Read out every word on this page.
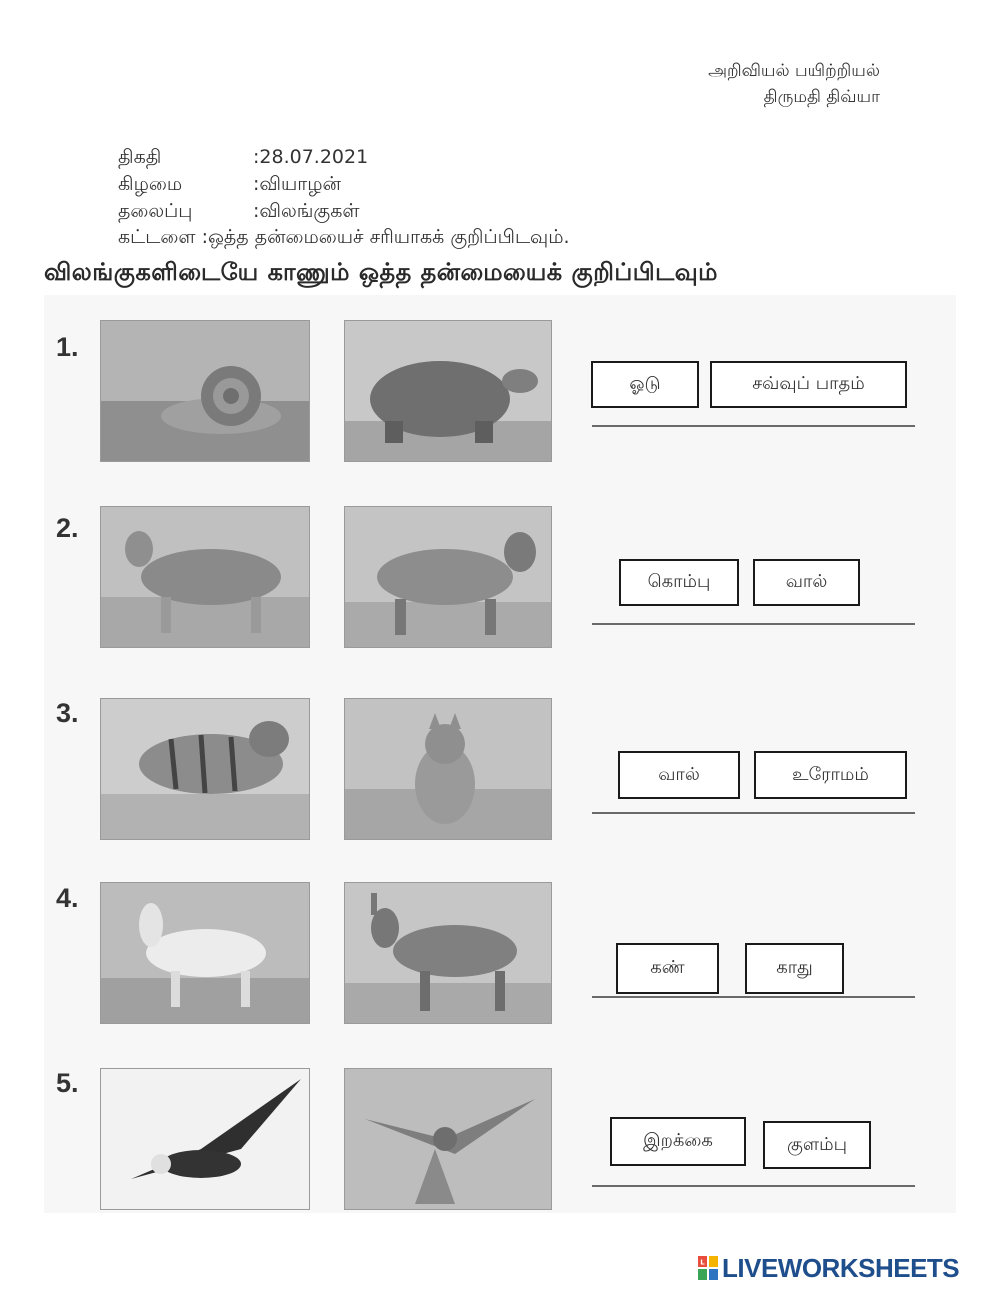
அறிவியல் பயிற்றியல்
திருமதி திவ்யா
திகதி	:28.07.2021
கிழமை	:வியாழன்
தலைப்பு	:விலங்குகள்
கட்டளை :ஒத்த தன்மையைச் சரியாகக் குறிப்பிடவும்.
விலங்குகளிடையே காணும் ஒத்த தன்மையைக் குறிப்பிடவும்
1.
ஓடு	சவ்வுப் பாதம்
2.
கொம்பு	வால்
3.
வால்	உரோமம்
4.
கண்	காது
5.
இறக்கை	குளம்பு
L LIVEWORKSHEETS
